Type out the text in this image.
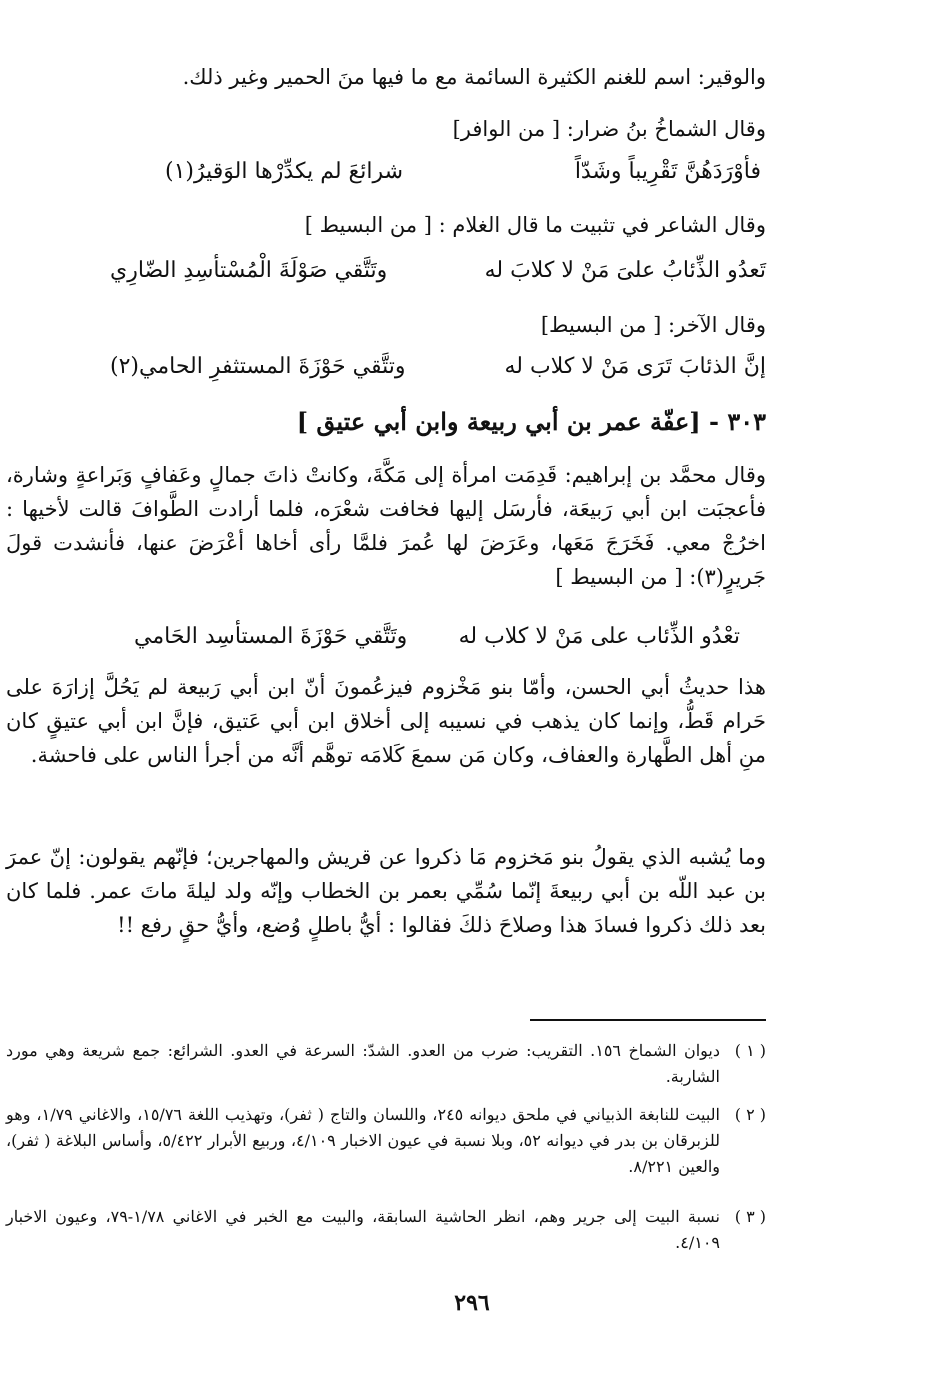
والوقير: اسم للغنم الكثيرة السائمة مع ما فيها منَ الحمير وغير ذلك.
وقال الشماخُ بنُ ضرار: [ من الوافر]
فأوْرَدَهُنَّ تَقْرِيباً وشَدّاً
شرائعَ لم يكدِّرْها الوَقيرُ(١)
وقال الشاعر في تثبيت ما قال الغلام : [ من البسيط ]
تَعدُو الذِّئابُ علىَ مَنْ لا كلابَ له
وتَتَّقي صَوْلَةَ الْمُسْتأسِدِ الضّارِي
وقال الآخر: [ من البسيط]
إنَّ الذئابَ تَرَى مَنْ لا كلاب له
وتتَّقي حَوْزَةَ المستثفرِ الحامي(٢)
٣٠٣ - [عفّة عمر بن أبي ربيعة وابن أبي عتيق ]

وقال محمَّد بن إبراهيم: قَدِمَت امرأة إلى مَكَّةَ، وكانتْ ذاتَ جمالٍ وعَفافٍ وَبَراعةٍ وشارة، فأعجبَت ابن أبي رَبيعَة، فأرسَل إليها فخافت شعْرَه، فلما أرادت الطَّوافَ قالت لأخيها : اخرُجْ معي. فَخَرَجَ مَعَها، وعَرَضَ لها عُمرَ فلمَّا رأى أخاها أعْرَضَ عنها، فأنشدت قولَ جَريرٍ(٣): [ من البسيط ]

تعْدُو الذِّئاب على مَنْ لا كلاب له
وتَتَّقي حَوْزَةَ المستأسِد الحَامي

هذا حديثُ أبي الحسن، وأمّا بنو مَخْزوم فيزعُمونَ أنّ ابن أبي رَبيعة لم يَحُلَّ إزارَهَ على حَرام قَطُّ، وإنما كان يذهب في نسيبه إلى أخلاق ابن أبي عَتيق، فإنَّ ابن أبي عتيقٍ كان منِ أهل الطَّهارة والعفاف، وكان مَن سمعَ كَلامَه توهَّم أنَّه من أجرأ الناس على فاحشة.

وما يُشبه الذي يقولُ بنو مَخزوم مَا ذكروا عن قريش والمهاجرين؛ فإنّهم يقولون: إنّ عمرَ بن عبد اللّه بن أبي ربيعةَ إنّما سُمِّي بعمر بن الخطاب وإنّه ولد ليلةَ ماتَ عمر. فلما كان بعد ذلك ذكروا فسادَ هذا وصلاحَ ذلكَ فقالوا : أيُّ باطلٍ وُضع، وأيُّ حقٍ رفع !!

( ١ )
ديوان الشماخ ١٥٦. التقريب: ضرب من العدو. الشدّ: السرعة في العدو. الشرائع: جمع شريعة وهي مورد الشاربة.
( ٢ )
البيت للنابغة الذبياني في ملحق ديوانه ٢٤٥، واللسان والتاج ( ثفر)، وتهذيب اللغة ١٥/٧٦، والاغاني ١/٧٩، وهو للزبرقان بن بدر في ديوانه ٥٢، وبلا نسبة في عيون الاخبار ٤/١٠٩، وربيع الأبرار ٥/٤٢٢، وأساس البلاغة ( ثفر)، والعين ٨/٢٢١.
( ٣ )
نسبة البيت إلى جرير وهم، انظر الحاشية السابقة، والبيت مع الخبر في الاغاني ١/٧٨-٧٩، وعيون الاخبار ٤/١٠٩.
٢٩٦
